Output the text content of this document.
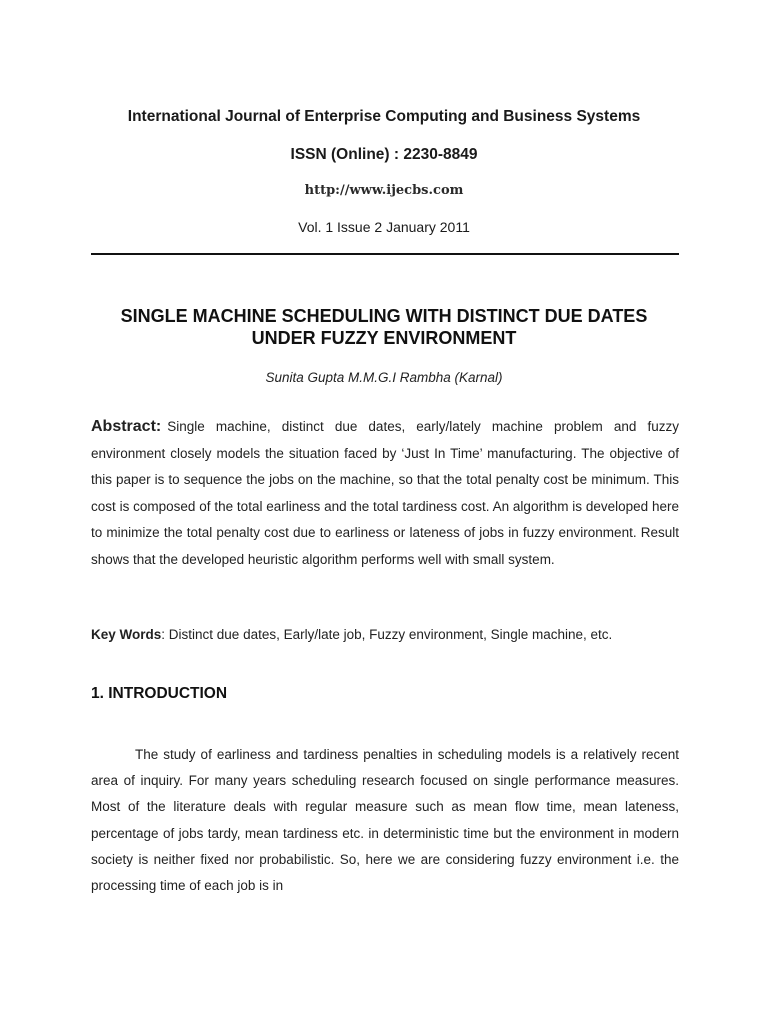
International Journal of Enterprise Computing and Business Systems
ISSN (Online) : 2230-8849
http://www.ijecbs.com
Vol. 1 Issue 2 January 2011
SINGLE MACHINE SCHEDULING WITH DISTINCT DUE DATES
UNDER FUZZY ENVIRONMENT
Sunita Gupta M.M.G.I Rambha (Karnal)

Abstract: Single machine, distinct due dates, early/lately machine problem and fuzzy environment closely models the situation faced by ‘Just In Time’ manufacturing. The objective of this paper is to sequence the jobs on the machine, so that the total penalty cost be minimum. This cost is composed of the total earliness and the total tardiness cost. An algorithm is developed here to minimize the total penalty cost due to earliness or lateness of jobs in fuzzy environment. Result shows that the developed heuristic algorithm performs well with small system.

Key Words: Distinct due dates, Early/late job, Fuzzy environment, Single machine, etc.

1. INTRODUCTION

The study of earliness and tardiness penalties in scheduling models is a relatively recent area of inquiry. For many years scheduling research focused on single performance measures. Most of the literature deals with regular measure such as mean flow time, mean lateness, percentage of jobs tardy, mean tardiness etc. in deterministic time but the environment in modern society is neither fixed nor probabilistic. So, here we are considering fuzzy environment i.e. the processing time of each job is in
